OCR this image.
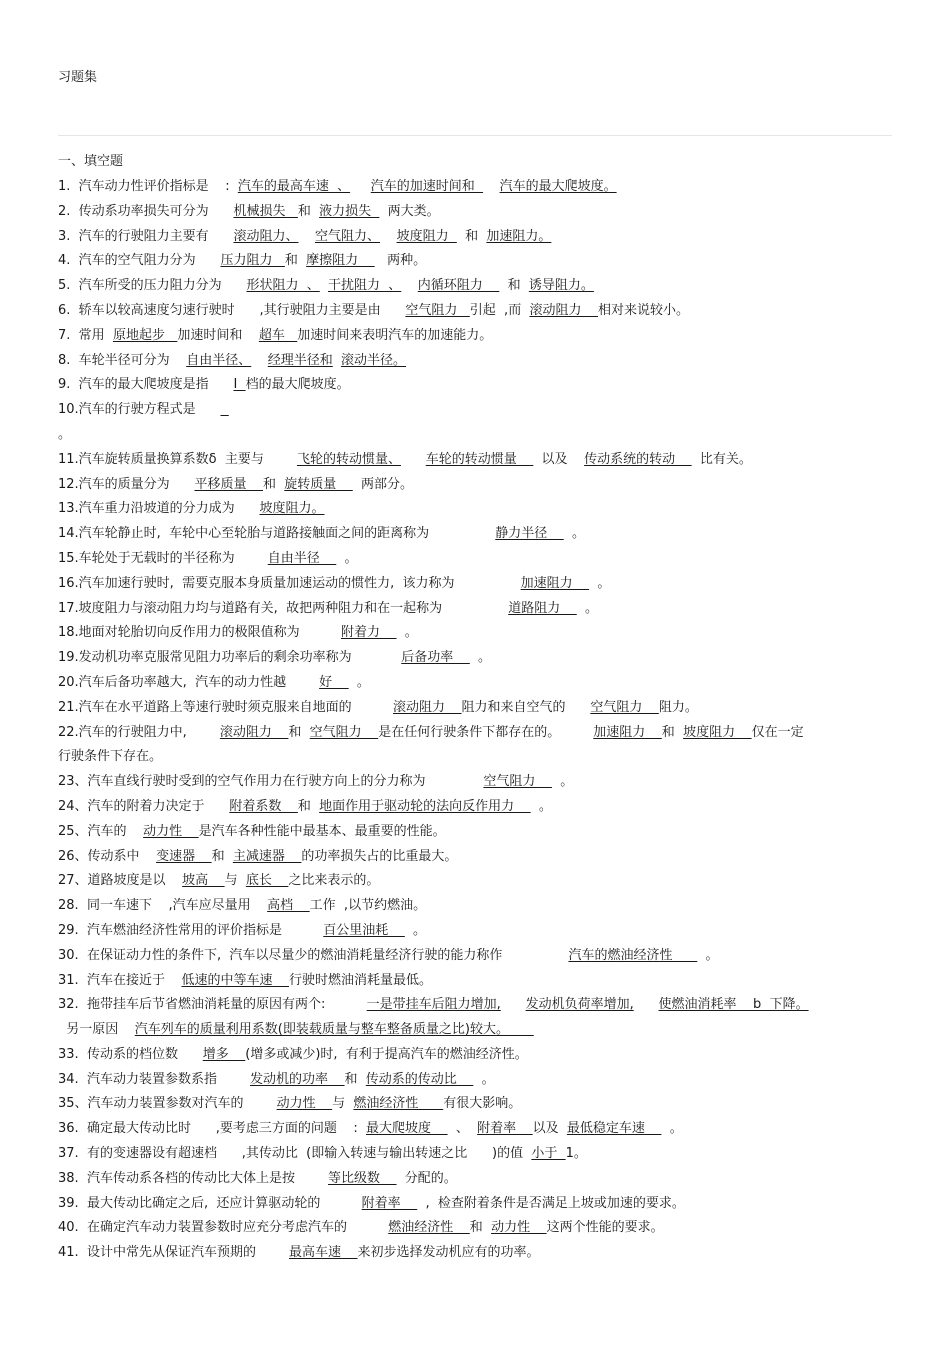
习题集
一、填空题
1.  汽车动力性评价指标是    :  汽车的最高车速  、 汽车的加速时间和      汽车的最大爬坡度。
2.  传动系功率损失可分为      机械损失   和  液力损失    两大类。
3.  汽车的行驶阻力主要有      滚动阻力、 空气阻力、 坡度阻力    和  加速阻力。
4.  汽车的空气阻力分为      压力阻力   和  摩擦阻力       两种。
5.  汽车所受的压力阻力分为      形状阻力  、 干扰阻力  、 内循环阻力      和  诱导阻力。
6.  轿车以较高速度匀速行驶时      ,其行驶阻力主要是由      空气阻力   引起  ,而  滚动阻力    相对来说较小。
7.  常用  原地起步   加速时间和    超车   加速时间来表明汽车的加速能力。
8.  车轮半径可分为    自由半径、 经理半径和 滚动半径。
9.  汽车的最大爬坡度是指      I  档的最大爬坡度。
10.汽车的行驶方程式是
。
11.汽车旋转质量换算系数δ  主要与        飞轮的转动惯量、 车轮的转动惯量      以及    传动系统的转动      比有关。
12.汽车的质量分为      平移质量    和  旋转质量      两部分。
13.汽车重力沿坡道的分力成为      坡度阻力。
14.汽车轮静止时,  车轮中心至轮胎与道路接触面之间的距离称为                静力半径      。
15.车轮处于无载时的半径称为        自由半径      。
16.汽车加速行驶时,  需要克服本身质量加速运动的惯性力,  该力称为                加速阻力      。
17.坡度阻力与滚动阻力均与道路有关,  故把两种阻力和在一起称为                道路阻力      。
18.地面对轮胎切向反作用力的极限值称为          附着力      。
19.发动机功率克服常见阻力功率后的剩余功率称为            后备功率      。
20.汽车后备功率越大,  汽车的动力性越        好      。
21.汽车在水平道路上等速行驶时须克服来自地面的          滚动阻力    阻力和来自空气的      空气阻力    阻力。
22.汽车的行驶阻力中,        滚动阻力    和  空气阻力    是在任何行驶条件下都存在的。        加速阻力    和  坡度阻力    仅在一定
行驶条件下存在。
23、汽车直线行驶时受到的空气作用力在行驶方向上的分力称为              空气阻力      。
24、汽车的附着力决定于      附着系数    和  地面作用于驱动轮的法向反作用力      。
25、汽车的    动力性    是汽车各种性能中最基本、最重要的性能。
26、传动系中    变速器    和  主减速器    的功率损失占的比重最大。
27、道路坡度是以    坡高    与  底长    之比来表示的。
28.  同一车速下    ,汽车应尽量用    高档    工作  ,以节约燃油。
29.  汽车燃油经济性常用的评价指标是          百公里油耗      。
30.  在保证动力性的条件下,  汽车以尽量少的燃油消耗量经济行驶的能力称作                汽车的燃油经济性        。
31.  汽车在接近于    低速的中等车速    行驶时燃油消耗量最低。
32.  拖带挂车后节省燃油消耗量的原因有两个:          一是带挂车后阻力增加, 发动机负荷率增加, 使燃油消耗率    b  下降。
另一原因    汽车列车的质量利用系数(即装载质量与整车整备质量之比)较大。
33.  传动系的档位数      增多    (增多或减少)时,  有利于提高汽车的燃油经济性。
34.  汽车动力装置参数系指        发动机的功率    和  传动系的传动比      。
35、汽车动力装置参数对汽车的        动力性    与  燃油经济性      有很大影响。
36.  确定最大传动比时      ,要考虑三方面的问题    :  最大爬坡度      、  附着率    以及  最低稳定车速      。
37.  有的变速器设有超速档      ,其传动比  (即输入转速与输出转速之比      )的值  小于  1。
38.  汽车传动系各档的传动比大体上是按        等比级数      分配的。
39.  最大传动比确定之后,  还应计算驱动轮的          附着率      ,  检查附着条件是否满足上坡或加速的要求。
40.  在确定汽车动力装置参数时应充分考虑汽车的          燃油经济性    和  动力性    这两个性能的要求。
41.  设计中常先从保证汽车预期的        最高车速    来初步选择发动机应有的功率。
